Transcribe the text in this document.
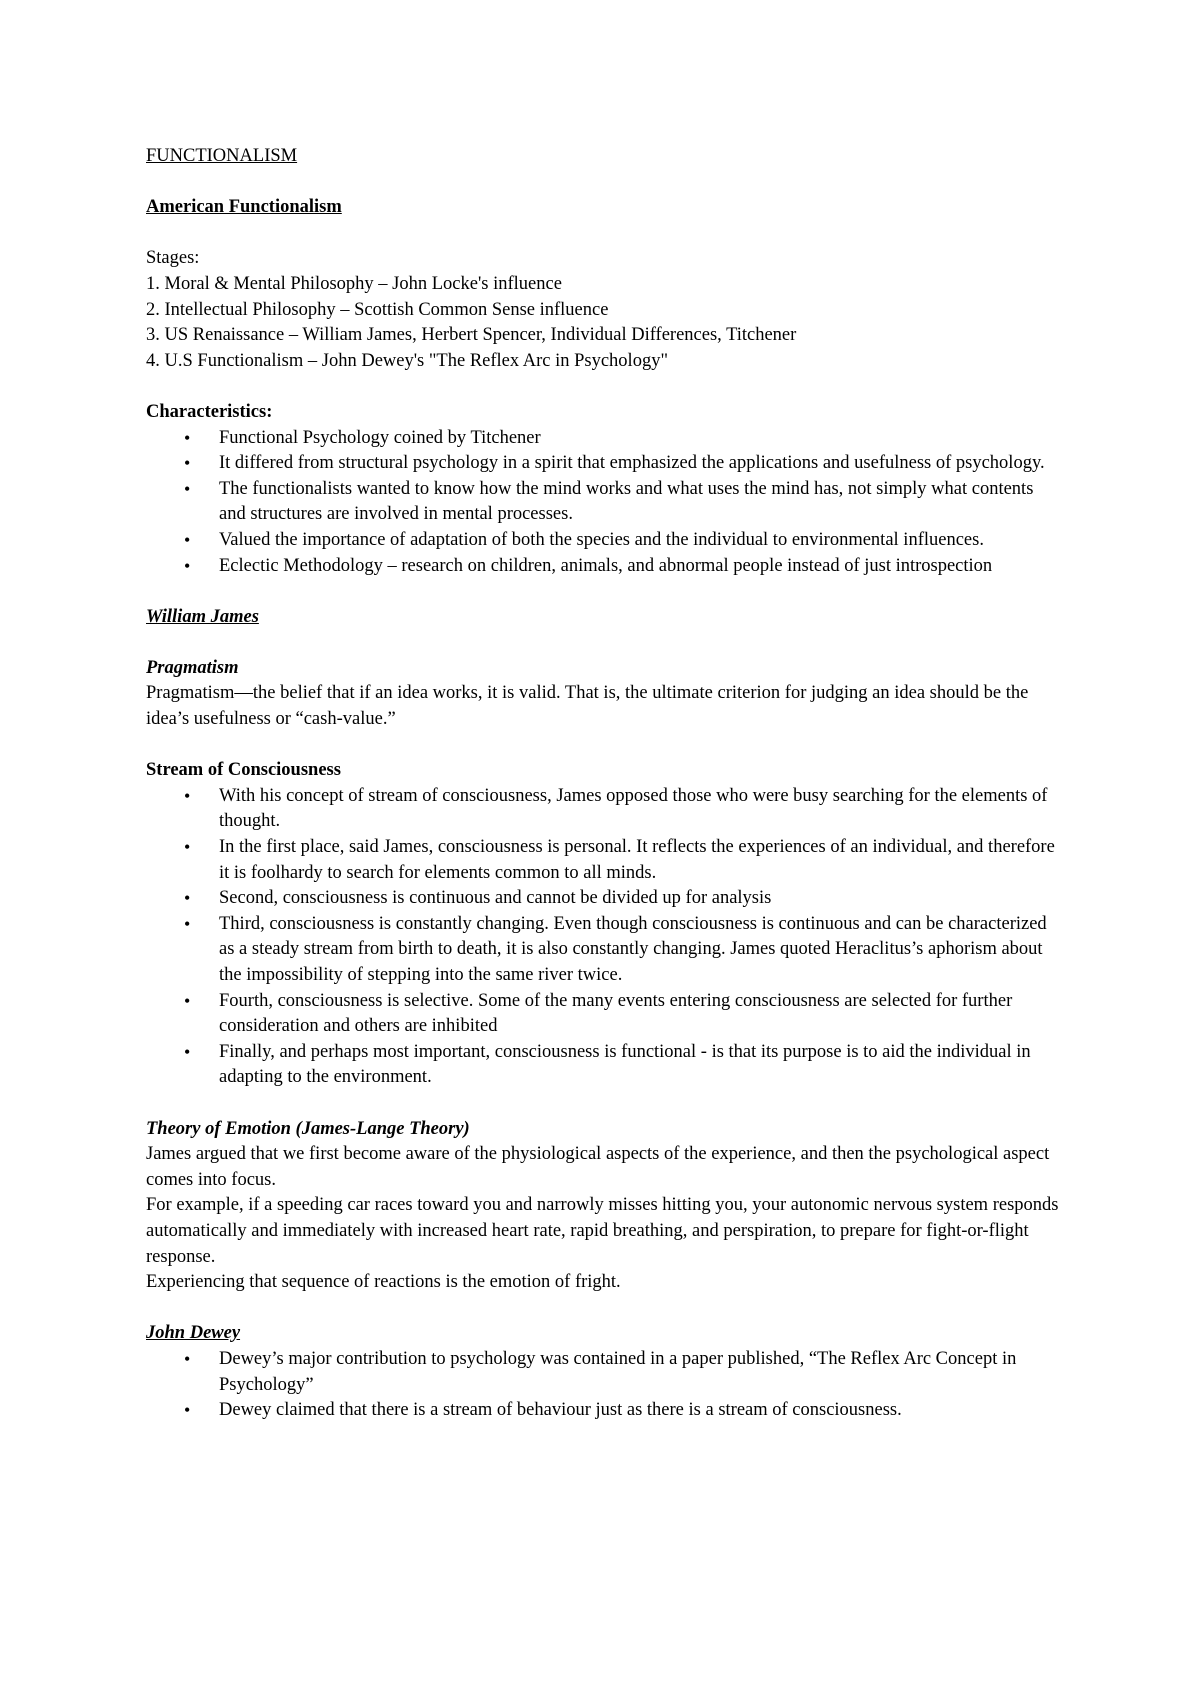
FUNCTIONALISM

American Functionalism

Stages:

1. Moral & Mental Philosophy – John Locke's influence

2. Intellectual Philosophy – Scottish Common Sense influence

3. US Renaissance – William James, Herbert Spencer, Individual Differences, Titchener

4. U.S Functionalism – John Dewey's "The Reflex Arc in Psychology"

Characteristics:

• Functional Psychology coined by Titchener
• It differed from structural psychology in a spirit that emphasized the applications and usefulness of psychology.
• The functionalists wanted to know how the mind works and what uses the mind has, not simply what contents and structures are involved in mental processes.
• Valued the importance of adaptation of both the species and the individual to environmental influences.
• Eclectic Methodology – research on children, animals, and abnormal people instead of just introspection

William James

Pragmatism

Pragmatism—the belief that if an idea works, it is valid. That is, the ultimate criterion for judging an idea should be the idea’s usefulness or “cash-value.”

Stream of Consciousness

• With his concept of stream of consciousness, James opposed those who were busy searching for the elements of thought.
• In the first place, said James, consciousness is personal. It reflects the experiences of an individual, and therefore it is foolhardy to search for elements common to all minds.
• Second, consciousness is continuous and cannot be divided up for analysis
• Third, consciousness is constantly changing. Even though consciousness is continuous and can be characterized as a steady stream from birth to death, it is also constantly changing. James quoted Heraclitus’s aphorism about the impossibility of stepping into the same river twice.
• Fourth, consciousness is selective. Some of the many events entering consciousness are selected for further consideration and others are inhibited
• Finally, and perhaps most important, consciousness is functional - is that its purpose is to aid the individual in adapting to the environment.

Theory of Emotion (James-Lange Theory)

James argued that we first become aware of the physiological aspects of the experience, and then the psychological aspect comes into focus.

For example, if a speeding car races toward you and narrowly misses hitting you, your autonomic nervous system responds automatically and immediately with increased heart rate, rapid breathing, and perspiration, to prepare for fight-or-flight response.

Experiencing that sequence of reactions is the emotion of fright.

John Dewey

• Dewey’s major contribution to psychology was contained in a paper published, “The Reflex Arc Concept in Psychology”
• Dewey claimed that there is a stream of behaviour just as there is a stream of consciousness.
